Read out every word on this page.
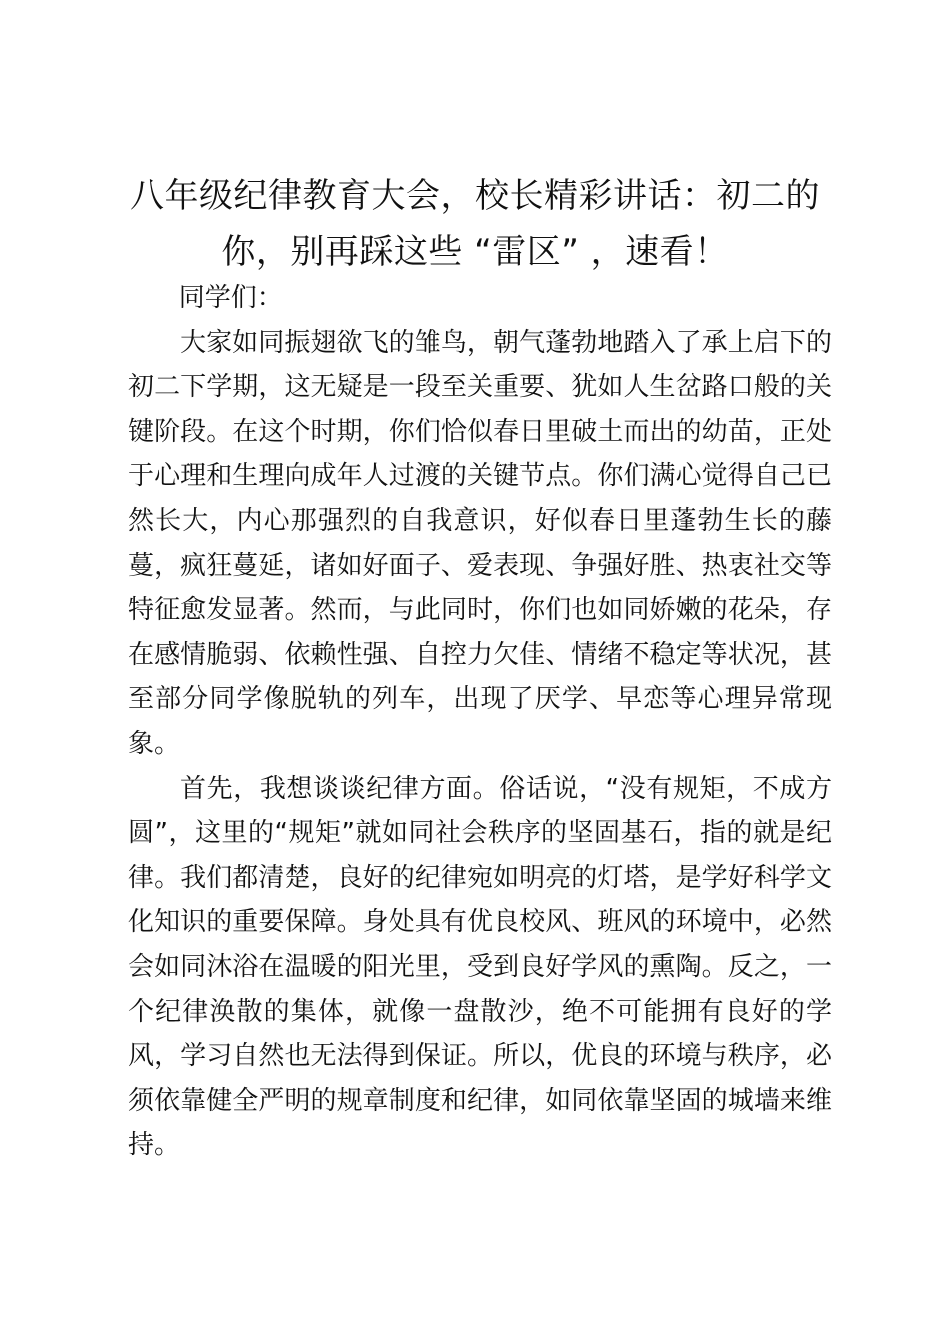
八年级纪律教育大会，校长精彩讲话：初二的
你，别再踩这些 “雷区” ，速看！

同学们：

大家如同振翅欲飞的雏鸟，朝气蓬勃地踏入了承上启下的初二下学期，这无疑是一段至关重要、犹如人生岔路口般的关键阶段。在这个时期，你们恰似春日里破土而出的幼苗，正处于心理和生理向成年人过渡的关键节点。你们满心觉得自己已然长大，内心那强烈的自我意识，好似春日里蓬勃生长的藤蔓，疯狂蔓延，诸如好面子、爱表现、争强好胜、热衷社交等特征愈发显著。然而，与此同时，你们也如同娇嫩的花朵，存在感情脆弱、依赖性强、自控力欠佳、情绪不稳定等状况，甚至部分同学像脱轨的列车，出现了厌学、早恋等心理异常现象。

首先，我想谈谈纪律方面。俗话说，“没有规矩，不成方圆”，这里的“规矩”就如同社会秩序的坚固基石，指的就是纪律。我们都清楚，良好的纪律宛如明亮的灯塔，是学好科学文化知识的重要保障。身处具有优良校风、班风的环境中，必然会如同沐浴在温暖的阳光里，受到良好学风的熏陶。反之，一个纪律涣散的集体，就像一盘散沙，绝不可能拥有良好的学风，学习自然也无法得到保证。所以，优良的环境与秩序，必须依靠健全严明的规章制度和纪律，如同依靠坚固的城墙来维持。
